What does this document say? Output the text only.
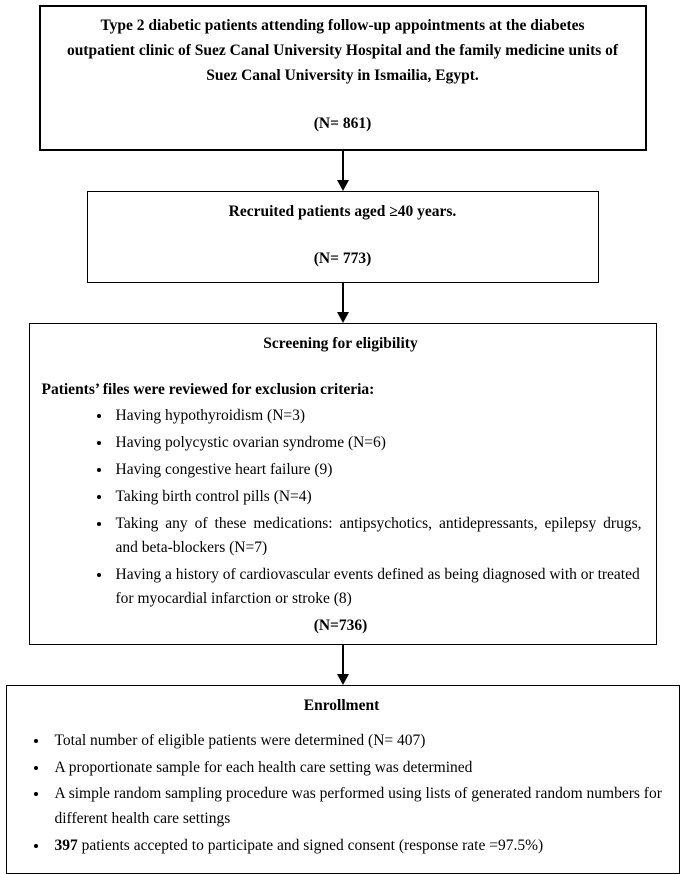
Type 2 diabetic patients attending follow-up appointments at the diabetes outpatient clinic of Suez Canal University Hospital and the family medicine units of Suez Canal University in Ismailia, Egypt.
(N= 861)
Recruited patients aged ≥40 years.
(N= 773)
Screening for eligibility
Patients’ files were reviewed for exclusion criteria:
• Having hypothyroidism (N=3)
• Having polycystic ovarian syndrome (N=6)
• Having congestive heart failure (9)
• Taking birth control pills (N=4)
• Taking any of these medications: antipsychotics, antidepressants, epilepsy drugs, and beta-blockers (N=7)
• Having a history of cardiovascular events defined as being diagnosed with or treated for myocardial infarction or stroke (8)
(N=736)
Enrollment
• Total number of eligible patients were determined (N= 407)
• A proportionate sample for each health care setting was determined
• A simple random sampling procedure was performed using lists of generated random numbers for different health care settings
• 397 patients accepted to participate and signed consent (response rate =97.5%)
